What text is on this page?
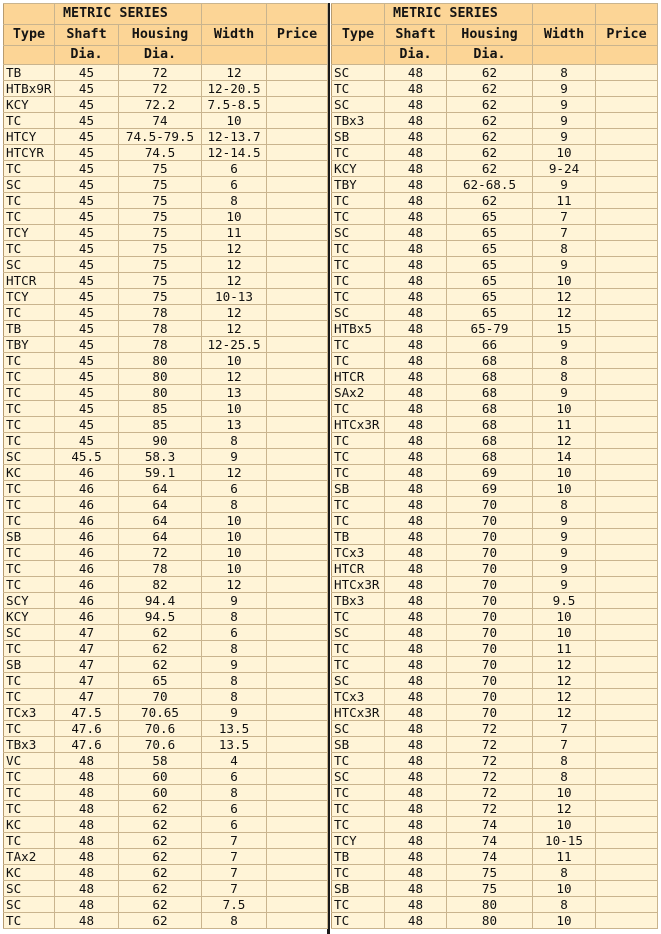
	METRIC SERIES			
Type	Shaft	Housing	Width	Price
	Dia.	Dia.		
TB	45	72	12	
HTBx9R	45	72	12-20.5	
KCY	45	72.2	7.5-8.5	
TC	45	74	10	
HTCY	45	74.5-79.5	12-13.7	
HTCYR	45	74.5	12-14.5	
TC	45	75	6	
SC	45	75	6	
TC	45	75	8	
TC	45	75	10	
TCY	45	75	11	
TC	45	75	12	
SC	45	75	12	
HTCR	45	75	12	
TCY	45	75	10-13	
TC	45	78	12	
TB	45	78	12	
TBY	45	78	12-25.5	
TC	45	80	10	
TC	45	80	12	
TC	45	80	13	
TC	45	85	10	
TC	45	85	13	
TC	45	90	8	
SC	45.5	58.3	9	
KC	46	59.1	12	
TC	46	64	6	
TC	46	64	8	
TC	46	64	10	
SB	46	64	10	
TC	46	72	10	
TC	46	78	10	
TC	46	82	12	
SCY	46	94.4	9	
KCY	46	94.5	8	
SC	47	62	6	
TC	47	62	8	
SB	47	62	9	
TC	47	65	8	
TC	47	70	8	
TCx3	47.5	70.65	9	
TC	47.6	70.6	13.5	
TBx3	47.6	70.6	13.5	
VC	48	58	4	
TC	48	60	6	
TC	48	60	8	
TC	48	62	6	
KC	48	62	6	
TC	48	62	7	
TAx2	48	62	7	
KC	48	62	7	
SC	48	62	7	
SC	48	62	7.5	
TC	48	62	8	
	METRIC SERIES			
Type	Shaft	Housing	Width	Price
	Dia.	Dia.		
SC	48	62	8	
TC	48	62	9	
SC	48	62	9	
TBx3	48	62	9	
SB	48	62	9	
TC	48	62	10	
KCY	48	62	9-24	
TBY	48	62-68.5	9	
TC	48	62	11	
TC	48	65	7	
SC	48	65	7	
TC	48	65	8	
TC	48	65	9	
TC	48	65	10	
TC	48	65	12	
SC	48	65	12	
HTBx5	48	65-79	15	
TC	48	66	9	
TC	48	68	8	
HTCR	48	68	8	
SAx2	48	68	9	
TC	48	68	10	
HTCx3R	48	68	11	
TC	48	68	12	
TC	48	68	14	
TC	48	69	10	
SB	48	69	10	
TC	48	70	8	
TC	48	70	9	
TB	48	70	9	
TCx3	48	70	9	
HTCR	48	70	9	
HTCx3R	48	70	9	
TBx3	48	70	9.5	
TC	48	70	10	
SC	48	70	10	
TC	48	70	11	
TC	48	70	12	
SC	48	70	12	
TCx3	48	70	12	
HTCx3R	48	70	12	
SC	48	72	7	
SB	48	72	7	
TC	48	72	8	
SC	48	72	8	
TC	48	72	10	
TC	48	72	12	
TC	48	74	10	
TCY	48	74	10-15	
TB	48	74	11	
TC	48	75	8	
SB	48	75	10	
TC	48	80	8	
TC	48	80	10	
